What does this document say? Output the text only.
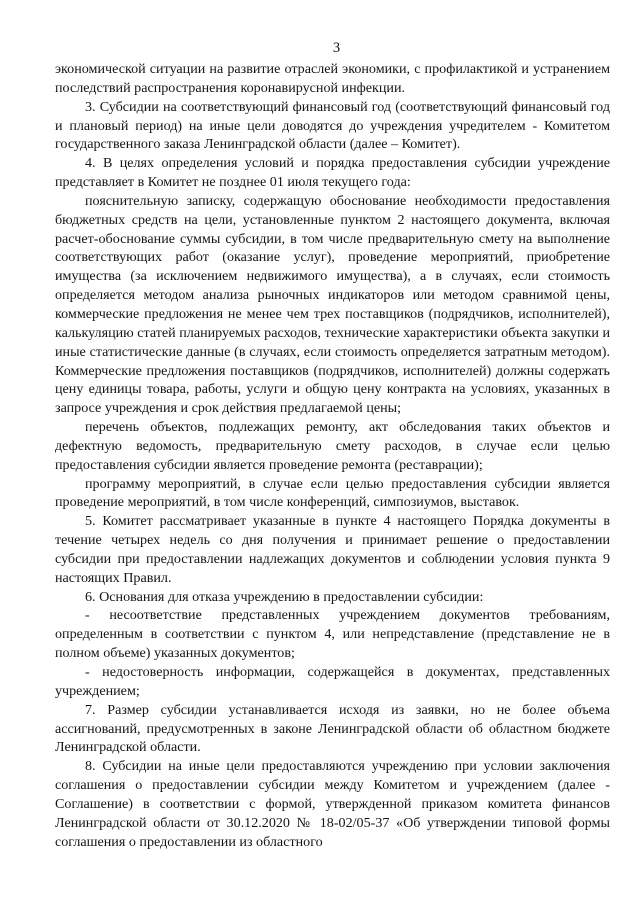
3

экономической ситуации на развитие отраслей экономики, с профилактикой и устранением последствий распространения коронавирусной инфекции.

3. Субсидии на соответствующий финансовый год (соответствующий финансовый год и плановый период) на иные цели доводятся до учреждения учредителем - Комитетом государственного заказа Ленинградской области (далее – Комитет).

4. В целях определения условий и порядка предоставления субсидии учреждение представляет в Комитет не позднее 01 июля текущего года:

пояснительную записку, содержащую обоснование необходимости предоставления бюджетных средств на цели, установленные пунктом 2 настоящего документа, включая расчет-обоснование суммы субсидии, в том числе предварительную смету на выполнение соответствующих работ (оказание услуг), проведение мероприятий, приобретение имущества (за исключением недвижимого имущества), а в случаях, если стоимость определяется методом анализа рыночных индикаторов или методом сравнимой цены, коммерческие предложения не менее чем трех поставщиков (подрядчиков, исполнителей), калькуляцию статей планируемых расходов, технические характеристики объекта закупки и иные статистические данные (в случаях, если стоимость определяется затратным методом). Коммерческие предложения поставщиков (подрядчиков, исполнителей) должны содержать цену единицы товара, работы, услуги и общую цену контракта на условиях, указанных в запросе учреждения и срок действия предлагаемой цены;

перечень объектов, подлежащих ремонту, акт обследования таких объектов и дефектную ведомость, предварительную смету расходов, в случае если целью предоставления субсидии является проведение ремонта (реставрации);

программу мероприятий, в случае если целью предоставления субсидии является проведение мероприятий, в том числе конференций, симпозиумов, выставок.

5. Комитет рассматривает указанные в пункте 4 настоящего Порядка документы в течение четырех недель со дня получения и принимает решение о предоставлении субсидии при предоставлении надлежащих документов и соблюдении условия пункта 9 настоящих Правил.

6. Основания для отказа учреждению в предоставлении субсидии:

- несоответствие представленных учреждением документов требованиям, определенным в соответствии с пунктом 4, или непредставление (представление не в полном объеме) указанных документов;

- недостоверность информации, содержащейся в документах, представленных учреждением;

7. Размер субсидии устанавливается исходя из заявки, но не более объема ассигнований, предусмотренных в законе Ленинградской области об областном бюджете Ленинградской области.

8. Субсидии на иные цели предоставляются учреждению при условии заключения соглашения о предоставлении субсидии между Комитетом и учреждением (далее - Соглашение) в соответствии с формой, утвержденной приказом комитета финансов Ленинградской области от 30.12.2020 № 18-02/05-37 «Об утверждении типовой формы соглашения о предоставлении из областного
